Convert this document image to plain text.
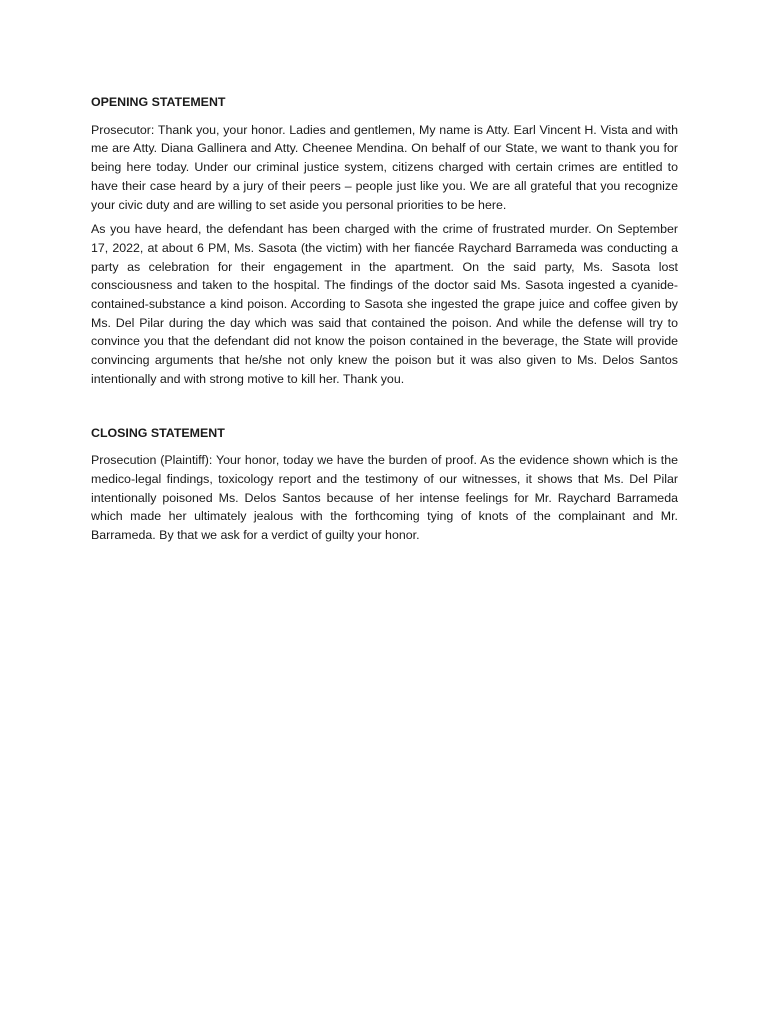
OPENING STATEMENT

Prosecutor: Thank you, your honor. Ladies and gentlemen, My name is Atty. Earl Vincent H. Vista and with me are Atty. Diana Gallinera and Atty. Cheenee Mendina. On behalf of our State, we want to thank you for being here today. Under our criminal justice system, citizens charged with certain crimes are entitled to have their case heard by a jury of their peers – people just like you. We are all grateful that you recognize your civic duty and are willing to set aside you personal priorities to be here.

As you have heard, the defendant has been charged with the crime of frustrated murder. On September 17, 2022, at about 6 PM, Ms. Sasota (the victim) with her fiancée Raychard Barrameda was conducting a party as celebration for their engagement in the apartment. On the said party, Ms. Sasota lost consciousness and taken to the hospital. The findings of the doctor said Ms. Sasota ingested a cyanide-contained-substance a kind poison. According to Sasota she ingested the grape juice and coffee given by Ms. Del Pilar during the day which was said that contained the poison. And while the defense will try to convince you that the defendant did not know the poison contained in the beverage, the State will provide convincing arguments that he/she not only knew the poison but it was also given to Ms. Delos Santos intentionally and with strong motive to kill her. Thank you.

CLOSING STATEMENT

Prosecution (Plaintiff): Your honor, today we have the burden of proof. As the evidence shown which is the medico-legal findings, toxicology report and the testimony of our witnesses, it shows that Ms. Del Pilar intentionally poisoned Ms. Delos Santos because of her intense feelings for Mr. Raychard Barrameda which made her ultimately jealous with the forthcoming tying of knots of the complainant and Mr. Barrameda. By that we ask for a verdict of guilty your honor.
